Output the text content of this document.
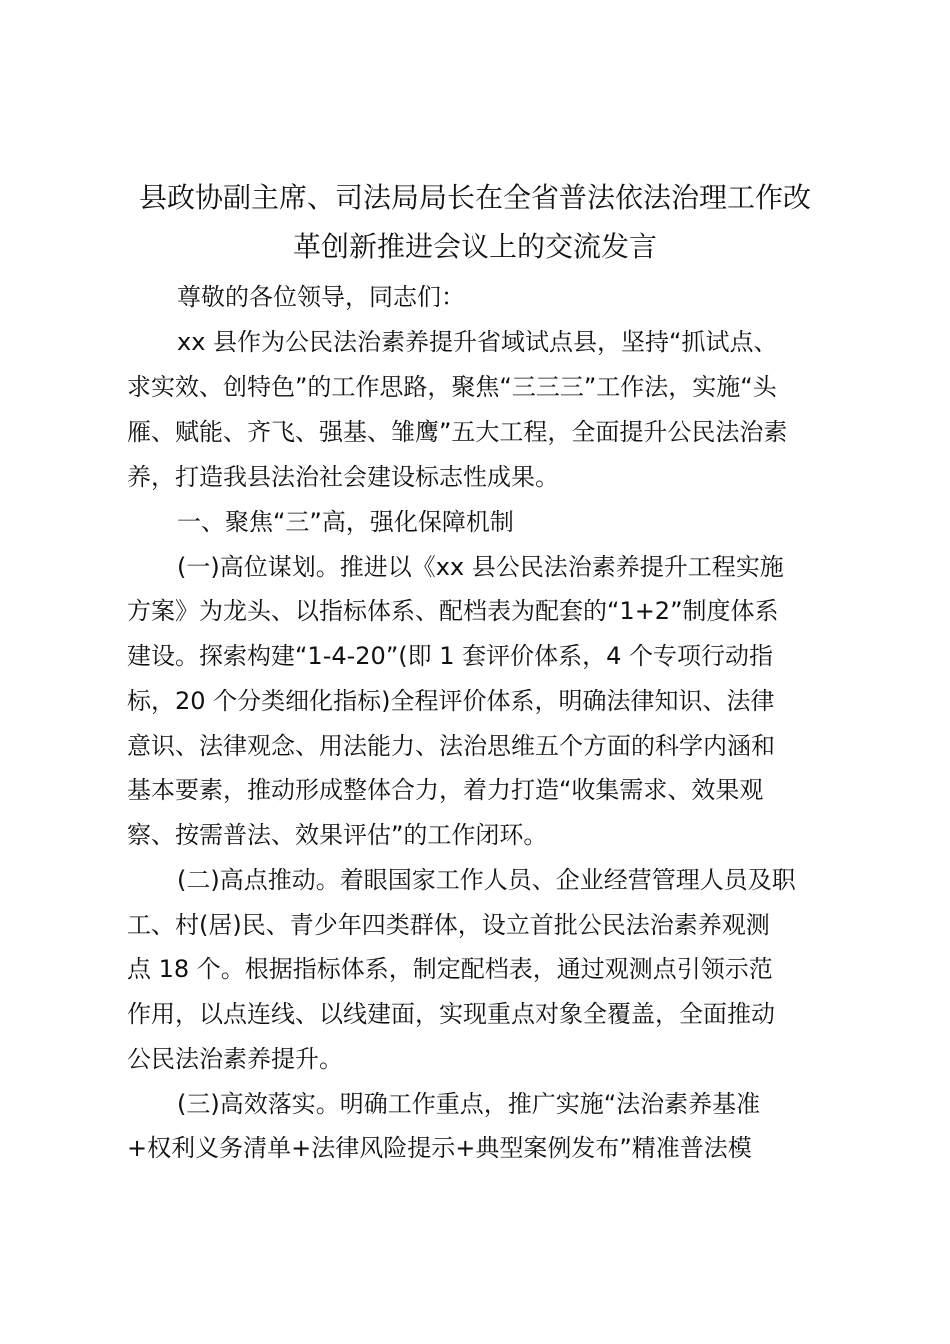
县政协副主席、司法局局长在全省普法依法治理工作改
革创新推进会议上的交流发言
尊敬的各位领导，同志们：
xx 县作为公民法治素养提升省域试点县，坚持“抓试点、
求实效、创特色”的工作思路，聚焦“三三三”工作法，实施“头
雁、赋能、齐飞、强基、雏鹰”五大工程，全面提升公民法治素
养，打造我县法治社会建设标志性成果。
一、聚焦“三”高，强化保障机制
(一)高位谋划。推进以《xx 县公民法治素养提升工程实施
方案》为龙头、以指标体系、配档表为配套的“1+2”制度体系
建设。探索构建“1-4-20”(即 1 套评价体系，4 个专项行动指
标，20 个分类细化指标)全程评价体系，明确法律知识、法律
意识、法律观念、用法能力、法治思维五个方面的科学内涵和
基本要素，推动形成整体合力，着力打造“收集需求、效果观
察、按需普法、效果评估”的工作闭环。
(二)高点推动。着眼国家工作人员、企业经营管理人员及职
工、村(居)民、青少年四类群体，设立首批公民法治素养观测
点 18 个。根据指标体系，制定配档表，通过观测点引领示范
作用，以点连线、以线建面，实现重点对象全覆盖，全面推动
公民法治素养提升。
(三)高效落实。明确工作重点，推广实施“法治素养基准
+权利义务清单+法律风险提示+典型案例发布”精准普法模
